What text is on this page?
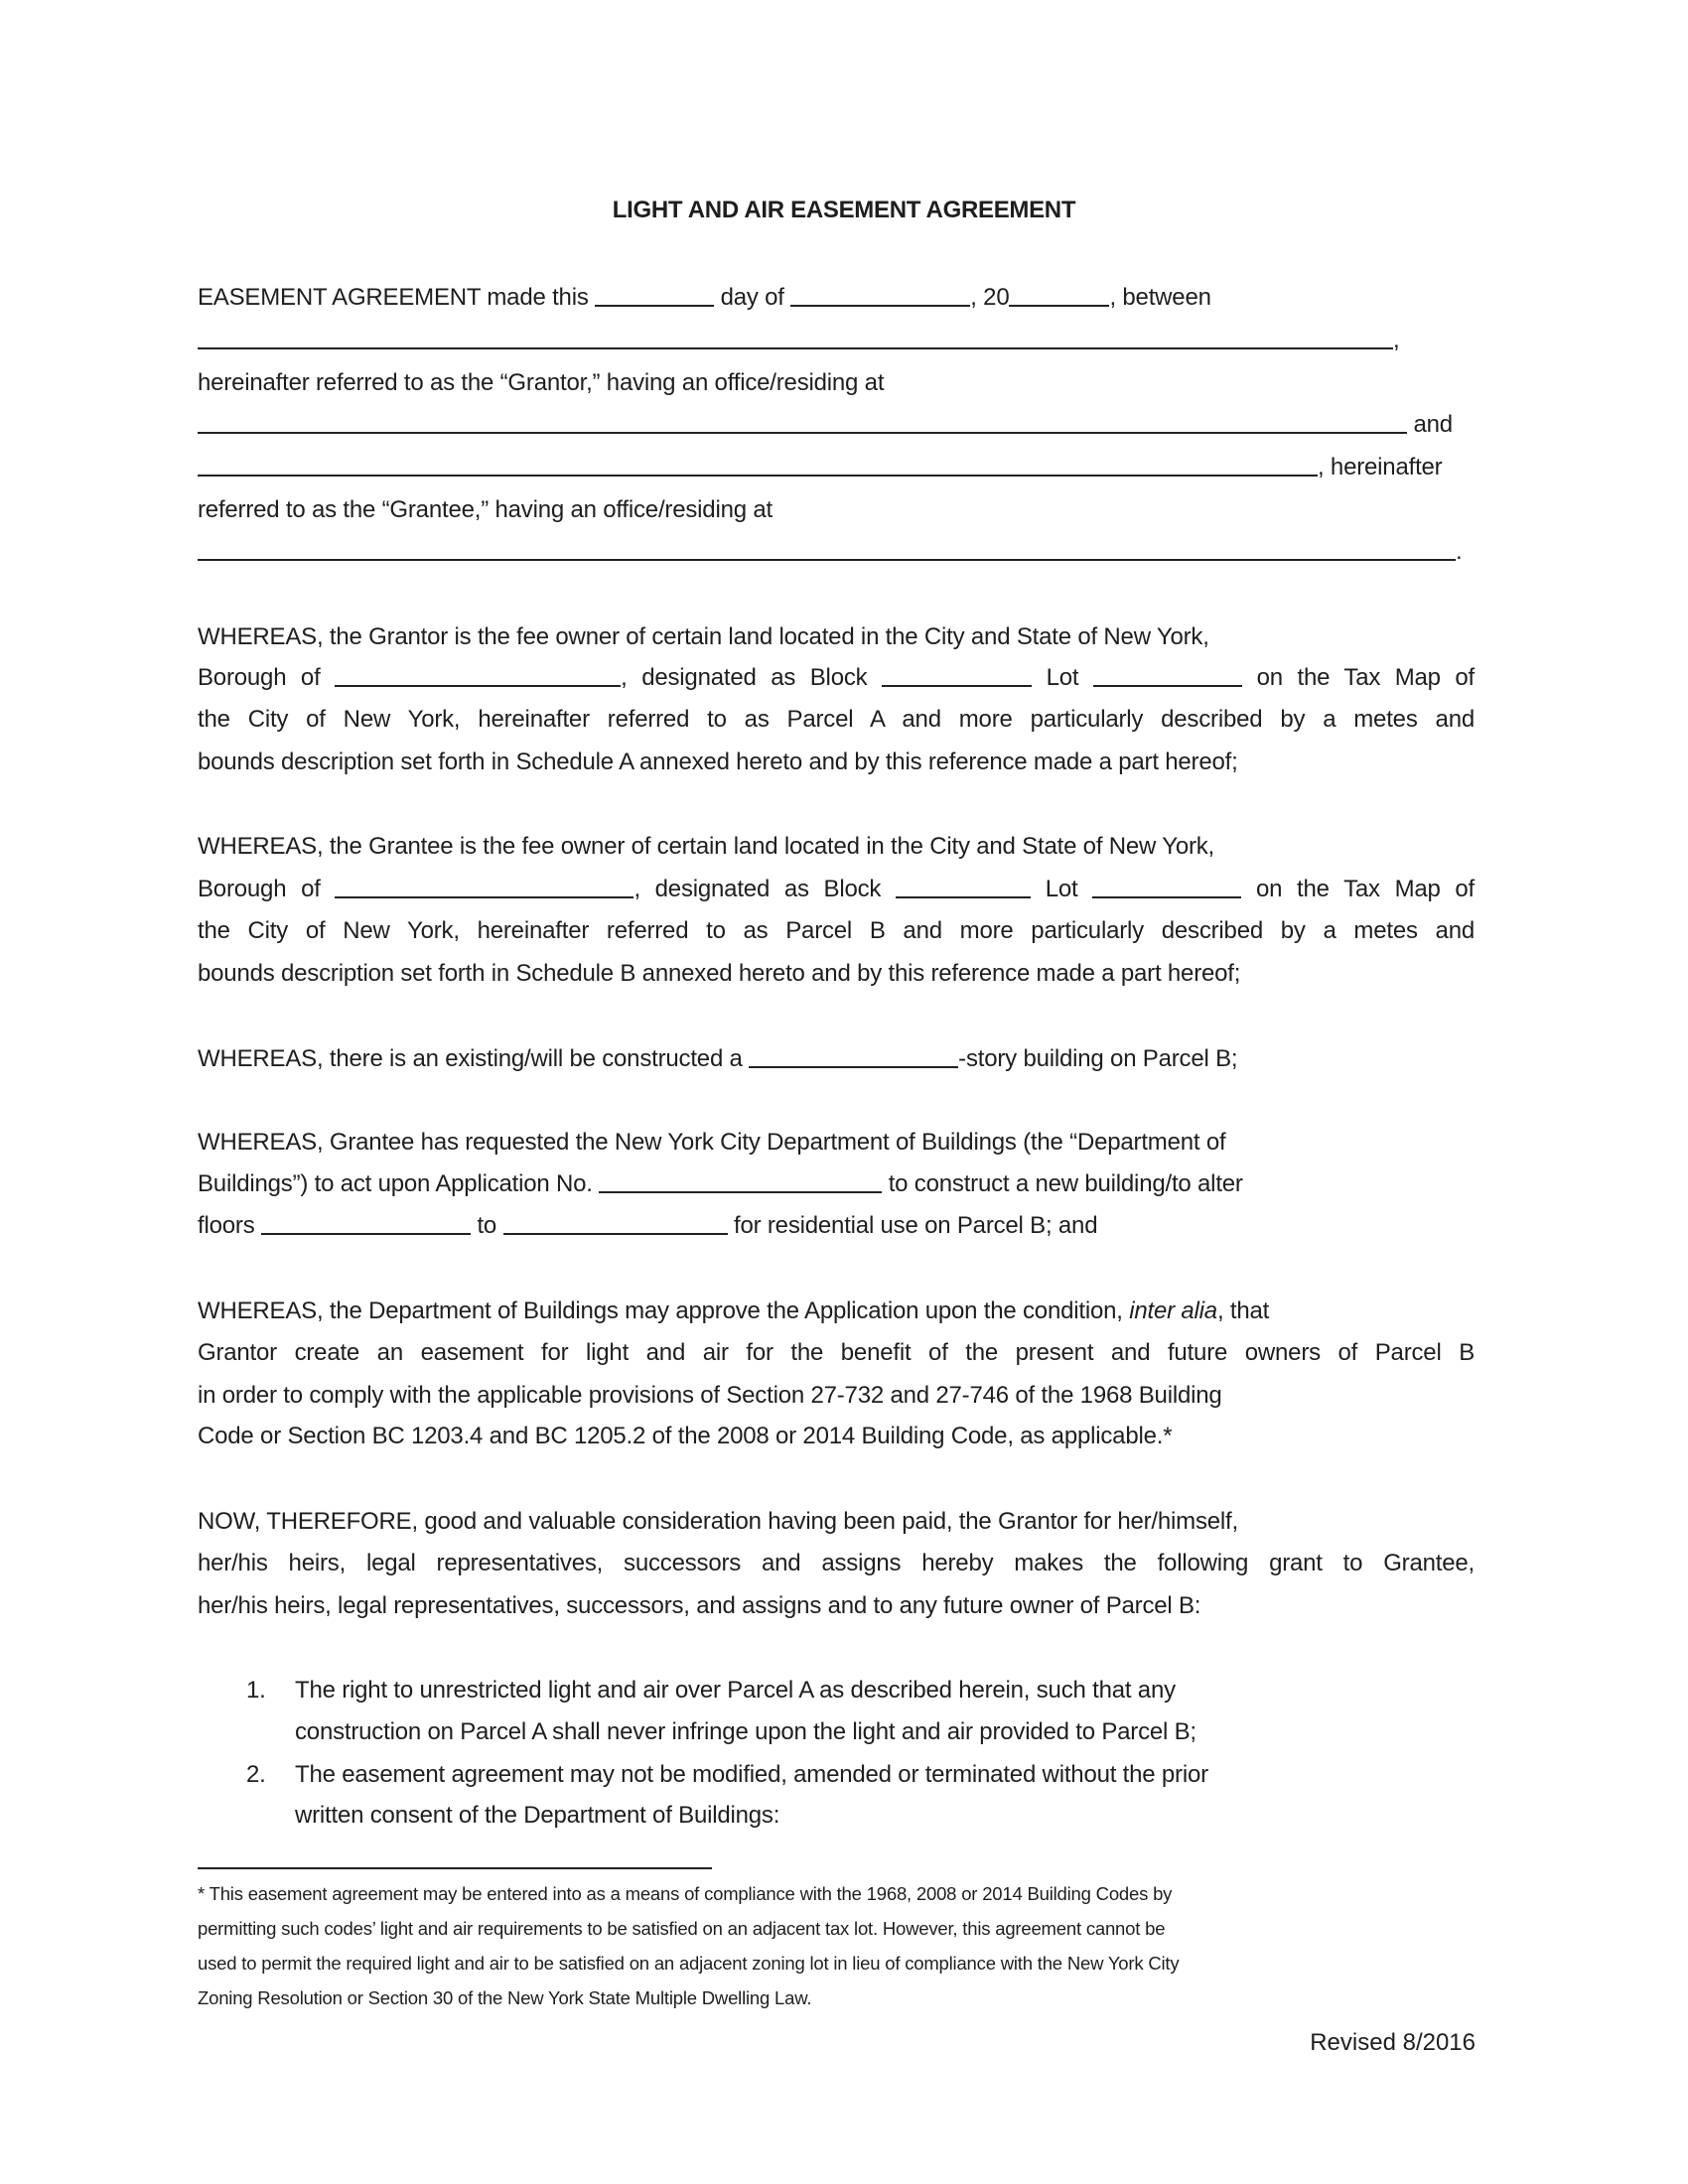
LIGHT AND AIR EASEMENT AGREEMENT
EASEMENT AGREEMENT made this	day of	, 20	, between
,
hereinafter referred to as the “Grantor,” having an office/residing at
and
, hereinafter
referred to as the “Grantee,” having an office/residing at
.
WHEREAS, the Grantor is the fee owner of certain land located in the City and State of New York,
Borough of	, designated as Block	Lot	on the Tax Map of
the City of New York, hereinafter referred to as Parcel A and more particularly described by a metes and
bounds description set forth in Schedule A annexed hereto and by this reference made a part hereof;
WHEREAS, the Grantee is the fee owner of certain land located in the City and State of New York,
Borough of	, designated as Block	Lot	on the Tax Map of
the City of New York, hereinafter referred to as Parcel B and more particularly described by a metes and
bounds description set forth in Schedule B annexed hereto and by this reference made a part hereof;
WHEREAS, there is an existing/will be constructed a	-story building on Parcel B;
WHEREAS, Grantee has requested the New York City Department of Buildings (the “Department of
Buildings”) to act upon Application No.	to construct a new building/to alter
floors	to	for residential use on Parcel B; and
WHEREAS, the Department of Buildings may approve the Application upon the condition, inter alia, that
Grantor create an easement for light and air for the benefit of the present and future owners of Parcel B
in order to comply with the applicable provisions of Section 27-732 and 27-746 of the 1968 Building
Code or Section BC 1203.4 and BC 1205.2 of the 2008 or 2014 Building Code, as applicable.*
NOW, THEREFORE, good and valuable consideration having been paid, the Grantor for her/himself,
her/his heirs, legal representatives, successors and assigns hereby makes the following grant to Grantee,
her/his heirs, legal representatives, successors, and assigns and to any future owner of Parcel B:
1. The right to unrestricted light and air over Parcel A as described herein, such that any
construction on Parcel A shall never infringe upon the light and air provided to Parcel B;
2. The easement agreement may not be modified, amended or terminated without the prior
written consent of the Department of Buildings:
* This easement agreement may be entered into as a means of compliance with the 1968, 2008 or 2014 Building Codes by
permitting such codes’ light and air requirements to be satisfied on an adjacent tax lot. However, this agreement cannot be
used to permit the required light and air to be satisfied on an adjacent zoning lot in lieu of compliance with the New York City
Zoning Resolution or Section 30 of the New York State Multiple Dwelling Law.
Revised 8/2016
